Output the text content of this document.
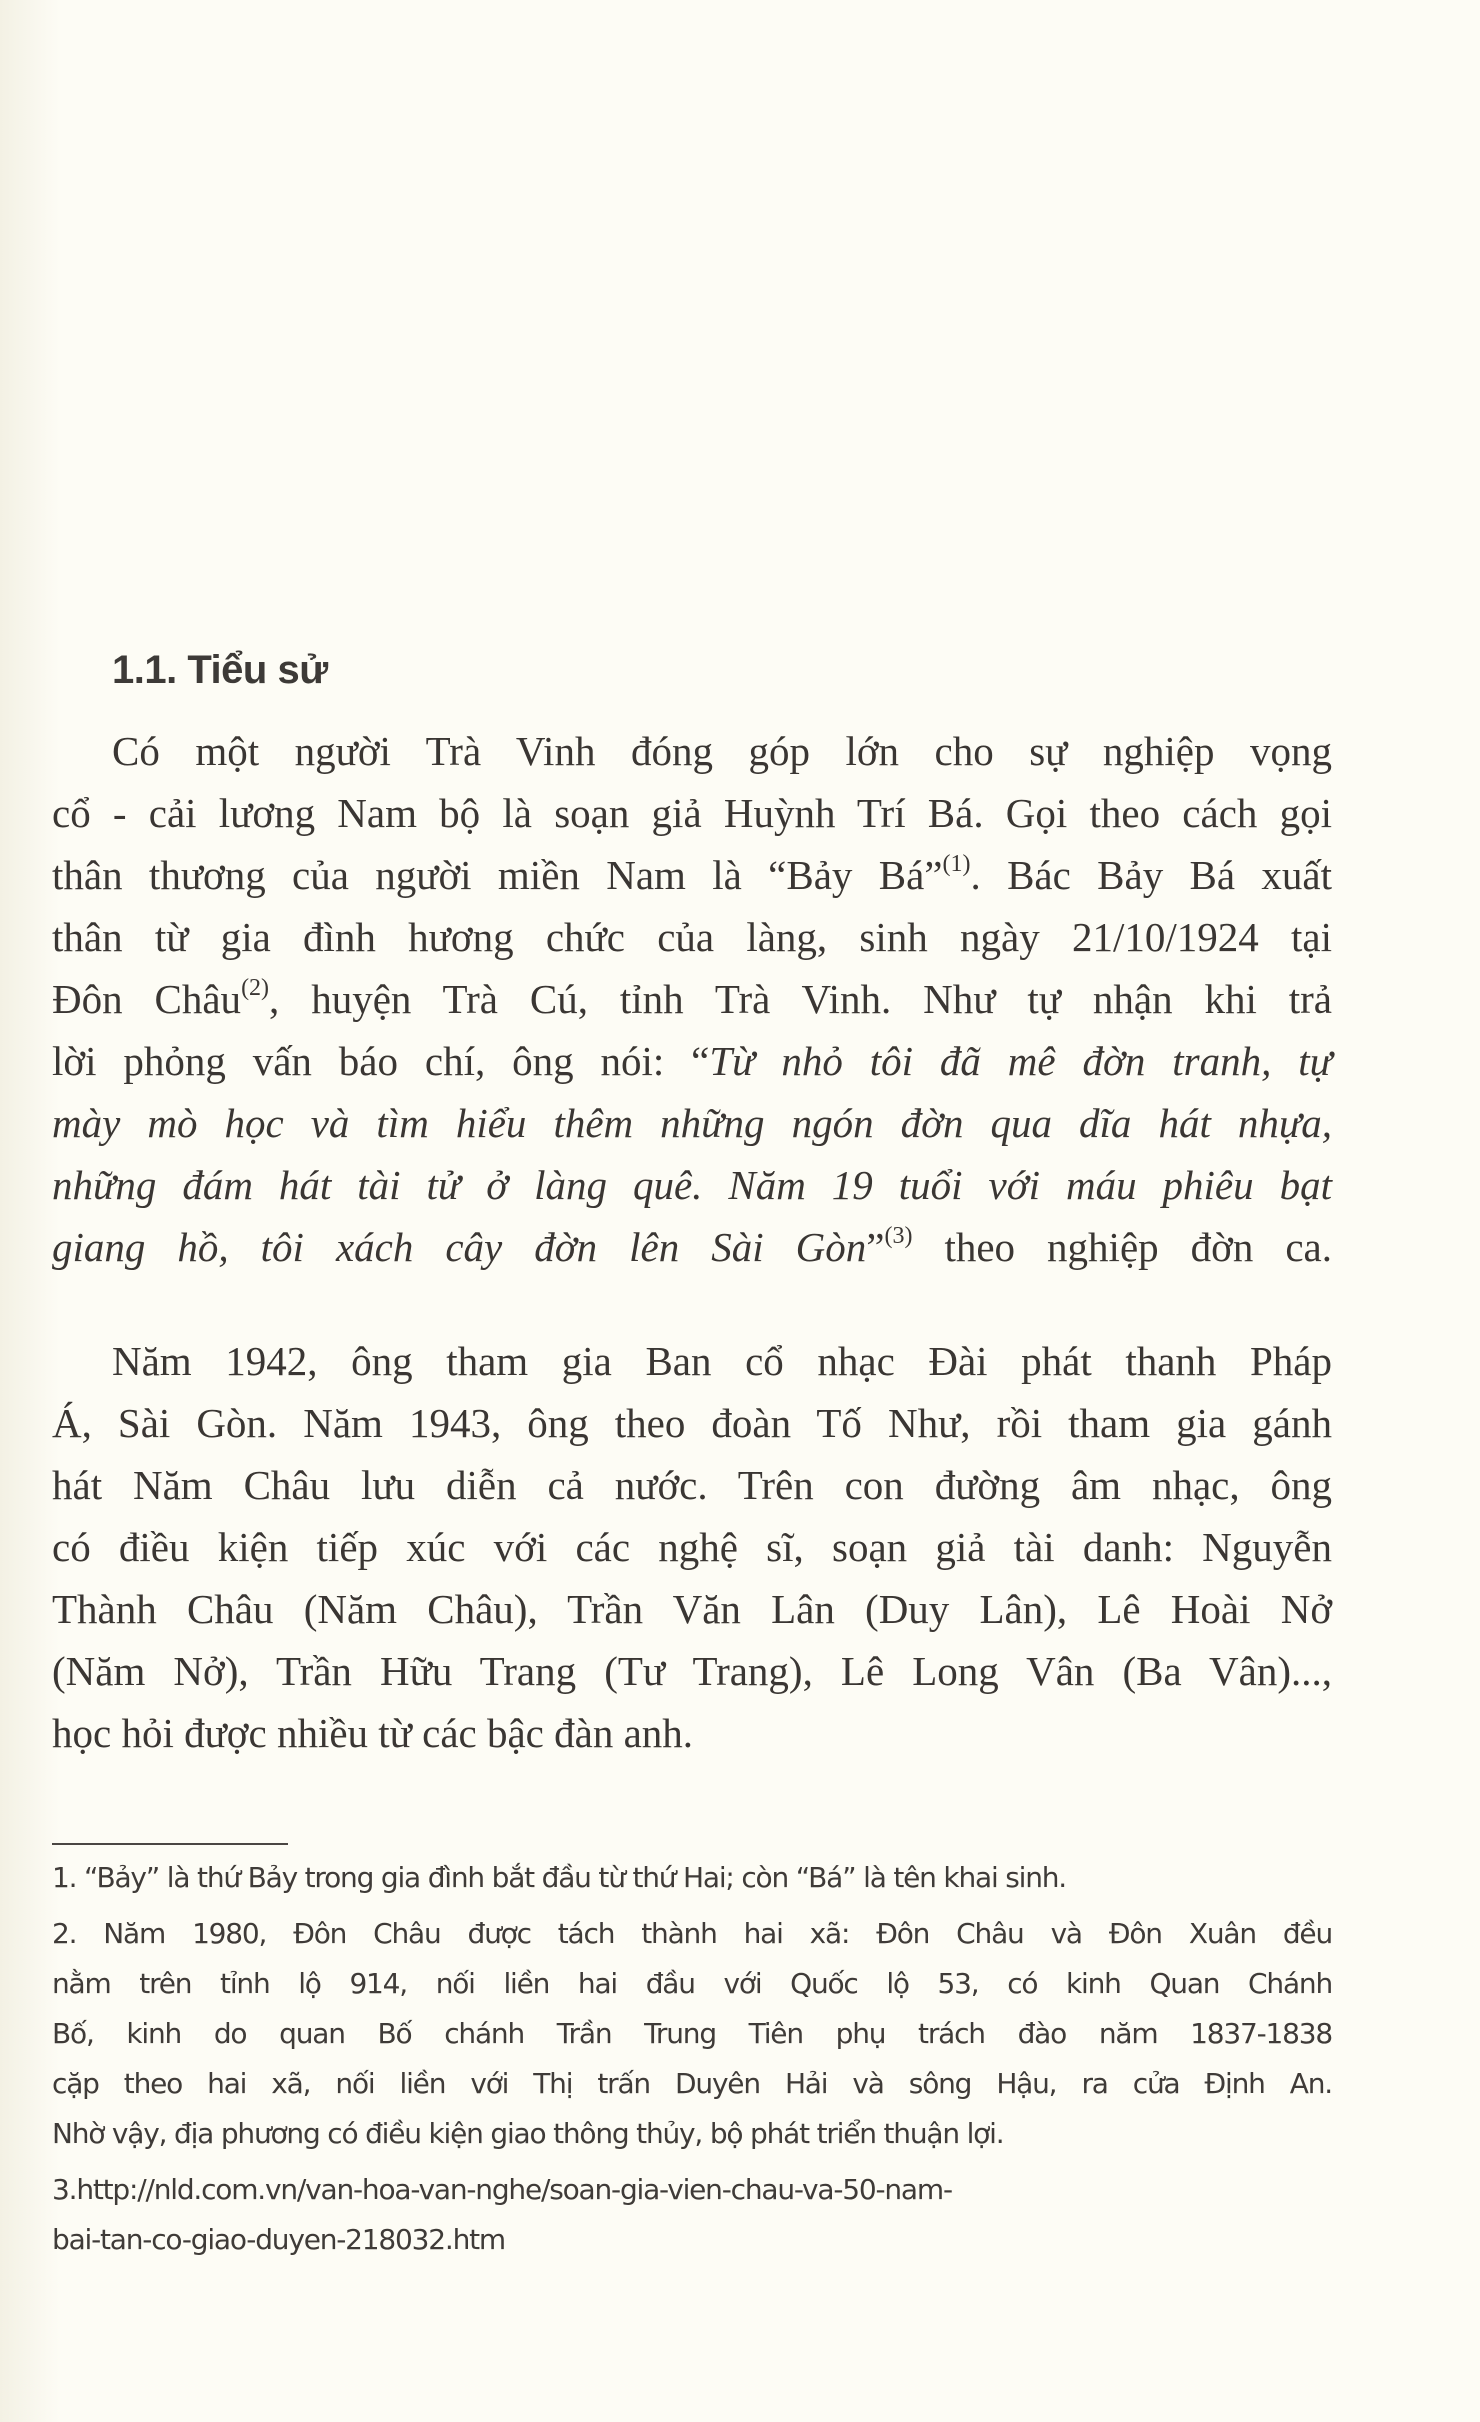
1.1. Tiểu sử
Có một người Trà Vinh đóng góp lớn cho sự nghiệp vọng
cổ - cải lương Nam bộ là soạn giả Huỳnh Trí Bá. Gọi theo cách gọi
thân thương của người miền Nam là “Bảy Bá”$^{(1)}$. Bác Bảy Bá xuất
thân từ gia đình hương chức của làng, sinh ngày 21/10/1924 tại
Đôn Châu$^{(2)}$, huyện Trà Cú, tỉnh Trà Vinh. Như tự nhận khi trả
lời phỏng vấn báo chí, ông nói: “Từ nhỏ tôi đã mê đờn tranh, tự
mày mò học và tìm hiểu thêm những ngón đờn qua dĩa hát nhựa,
những đám hát tài tử ở làng quê. Năm 19 tuổi với máu phiêu bạt
giang hồ, tôi xách cây đờn lên Sài Gòn”$^{(3)}$ theo nghiệp đờn ca.
Năm 1942, ông tham gia Ban cổ nhạc Đài phát thanh Pháp
Á, Sài Gòn. Năm 1943, ông theo đoàn Tố Như, rồi tham gia gánh
hát Năm Châu lưu diễn cả nước. Trên con đường âm nhạc, ông
có điều kiện tiếp xúc với các nghệ sĩ, soạn giả tài danh: Nguyễn
Thành Châu (Năm Châu), Trần Văn Lân (Duy Lân), Lê Hoài Nở
(Năm Nở), Trần Hữu Trang (Tư Trang), Lê Long Vân (Ba Vân)...,
học hỏi được nhiều từ các bậc đàn anh.

1. “Bảy” là thứ Bảy trong gia đình bắt đầu từ thứ Hai; còn “Bá” là tên khai sinh.

2. Năm 1980, Đôn Châu được tách thành hai xã: Đôn Châu và Đôn Xuân đều
nằm trên tỉnh lộ 914, nối liền hai đầu với Quốc lộ 53, có kinh Quan Chánh
Bố, kinh do quan Bố chánh Trần Trung Tiên phụ trách đào năm 1837-1838
cặp theo hai xã, nối liền với Thị trấn Duyên Hải và sông Hậu, ra cửa Định An.
Nhờ vậy, địa phương có điều kiện giao thông thủy, bộ phát triển thuận lợi.

3.http://nld.com.vn/van-hoa-van-nghe/soan-gia-vien-chau-va-50-nam-
bai-tan-co-giao-duyen-218032.htm
